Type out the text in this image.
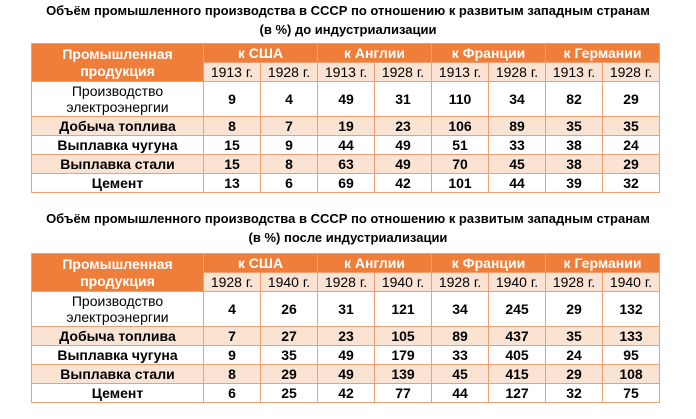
Объём промышленного производства в СССР по отношению к развитым западным странам
(в %) до индустриализации
Промышленная продукция	к США		к Англии		к Франции		к Германии	
	1913 г.	1928 г.	1913 г.	1928 г.	1913 г.	1928 г.	1913 г.	1928 г.
Производство электроэнергии	9	4	49	31	110	34	82	29
Добыча топлива	8	7	19	23	106	89	35	35
Выплавка чугуна	15	9	44	49	51	33	38	24
Выплавка стали	15	8	63	49	70	45	38	29
Цемент	13	6	69	42	101	44	39	32
Объём промышленного производства в СССР по отношению к развитым западным странам
(в %) после индустриализации
Промышленная продукция	к США		к Англии		к Франции		к Германии	
	1928 г.	1940 г.	1928 г.	1940 г.	1928 г.	1940 г.	1928 г.	1940 г.
Производство электроэнергии	4	26	31	121	34	245	29	132
Добыча топлива	7	27	23	105	89	437	35	133
Выплавка чугуна	9	35	49	179	33	405	24	95
Выплавка стали	8	29	49	139	45	415	29	108
Цемент	6	25	42	77	44	127	32	75
